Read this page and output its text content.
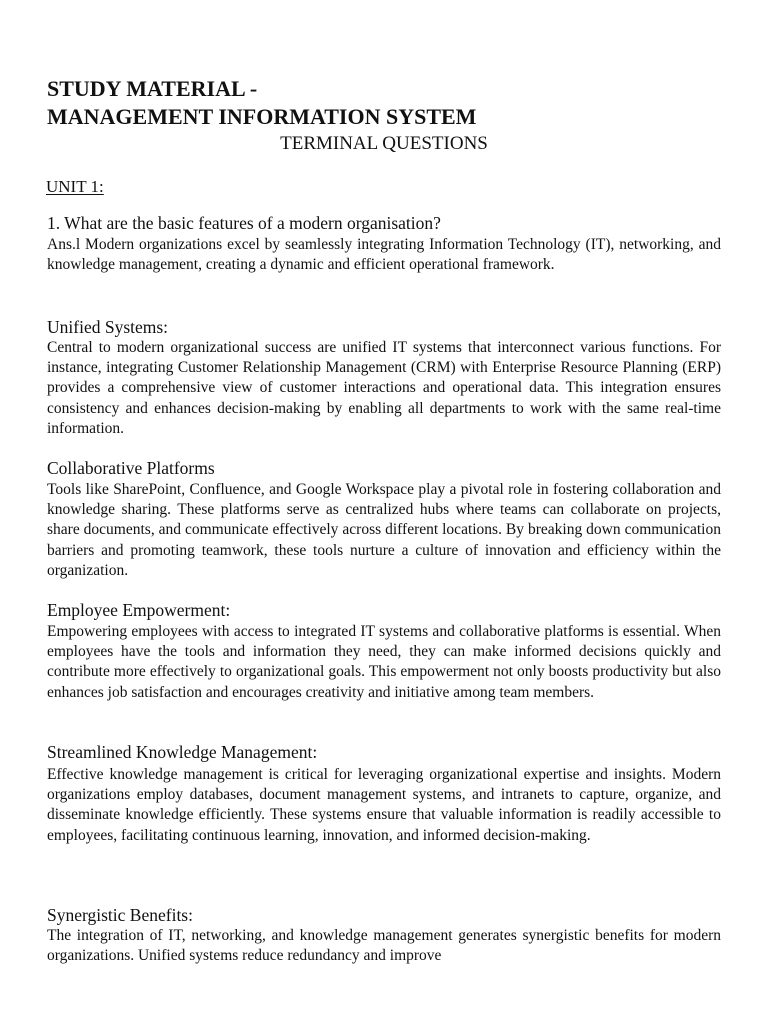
STUDY MATERIAL -
MANAGEMENT INFORMATION SYSTEM
TERMINAL QUESTIONS
UNIT 1:
1. What are the basic features of a modern organisation?

Ans.l Modern organizations excel by seamlessly integrating Information Technology (IT), networking, and knowledge management, creating a dynamic and efficient operational framework.

Unified Systems:

Central to modern organizational success are unified IT systems that interconnect various functions. For instance, integrating Customer Relationship Management (CRM) with Enterprise Resource Planning (ERP) provides a comprehensive view of customer interactions and operational data. This integration ensures consistency and enhances decision-making by enabling all departments to work with the same real-time information.

Collaborative Platforms

Tools like SharePoint, Confluence, and Google Workspace play a pivotal role in fostering collaboration and knowledge sharing. These platforms serve as centralized hubs where teams can collaborate on projects, share documents, and communicate effectively across different locations. By breaking down communication barriers and promoting teamwork, these tools nurture a culture of innovation and efficiency within the organization.

Employee Empowerment:

Empowering employees with access to integrated IT systems and collaborative platforms is essential. When employees have the tools and information they need, they can make informed decisions quickly and contribute more effectively to organizational goals. This empowerment not only boosts productivity but also enhances job satisfaction and encourages creativity and initiative among team members.

Streamlined Knowledge Management:

Effective knowledge management is critical for leveraging organizational expertise and insights. Modern organizations employ databases, document management systems, and intranets to capture, organize, and disseminate knowledge efficiently. These systems ensure that valuable information is readily accessible to employees, facilitating continuous learning, innovation, and informed decision-making.

Synergistic Benefits:

The integration of IT, networking, and knowledge management generates synergistic benefits for modern organizations. Unified systems reduce redundancy and improve
